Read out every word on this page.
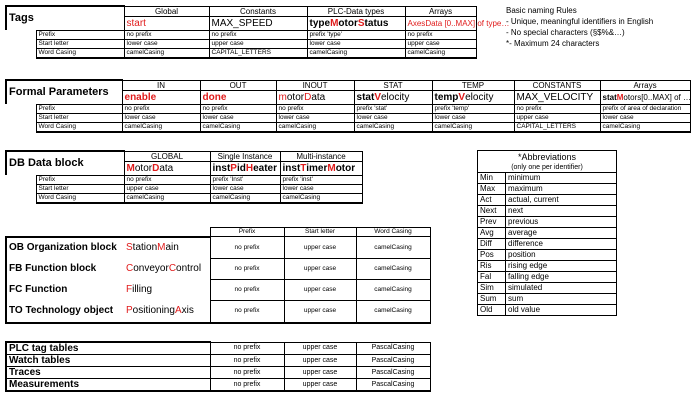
Tags		Global	Constants	PLC-Data types	Arrays
		start	MAX_SPEED	typeMotorStatus	AxesData [0..MAX] of type…
	Prefix	no prefix	no prefix	prefix 'type'	no prefix
	Start letter	lower case	upper case	lower case	upper case
	Word Casing	camelCasing	CAPITAL_LETTERS	camelCasing	camelCasing
Basic naming Rules
- Unique, meaningful identifiers in English
- No special characters (§$%&…)
*- Maximum 24 characters
Formal Parameters		IN	OUT	INOUT	STAT	TEMP	CONSTANTS	Arrays
		enable	done	motorData	statVelocity	tempVelocity	MAX_VELOCITY	statMotors[0..MAX] of …
	Prefix	no prefix	no prefix	no prefix	prefix 'stat'	prefix 'temp'	no prefix	prefix of area of declaration
	Start letter	lower case	lower case	lower case	lower case	lower case	upper case	lower case
	Word Casing	camelCasing	camelCasing	camelCasing	camelCasing	camelCasing	CAPITAL_LETTERS	camelCasing
DB Data block		GLOBAL	Single Instance	Multi-instance
		MotorData	instPidHeater	instTimerMotor
	Prefix	no prefix	prefix 'Inst'	prefix 'inst'
	Start letter	upper case	lower case	lower case
	Word Casing	camelCasing	camelCasing	camelCasing
*Abbreviations	
(only one per identifier)	
Min	minimum
Max	maximum
Act	actual, current
Next	next
Prev	previous
Avg	average
Diff	difference
Pos	position
Ris	rising edge
Fal	falling edge
Sim	simulated
Sum	sum
Old	old value
		Prefix	Start letter	Word Casing
OB Organization block	StationMain	no prefix	upper case	camelCasing
FB Function block	ConveyorControl	no prefix	upper case	camelCasing
FC Function	Filling	no prefix	upper case	camelCasing
TO Technology object	PositioningAxis	no prefix	upper case	camelCasing
PLC tag tables	no prefix	upper case	PascalCasing
Watch tables	no prefix	upper case	PascalCasing
Traces	no prefix	upper case	PascalCasing
Measurements	no prefix	upper case	PascalCasing
